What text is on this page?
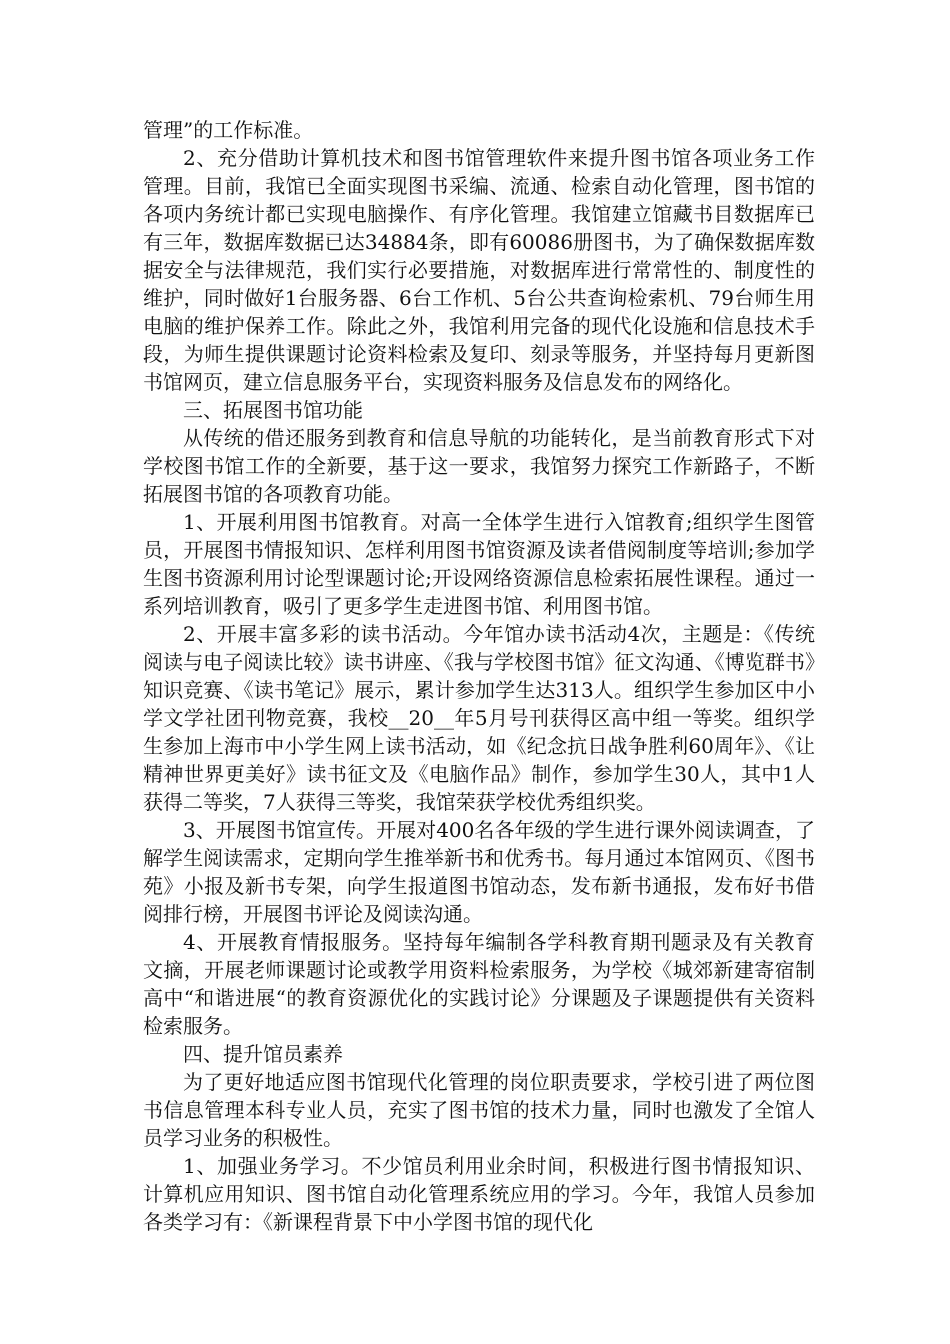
管理”的工作标准。

2、充分借助计算机技术和图书馆管理软件来提升图书馆各项业务工作管理。目前，我馆已全面实现图书采编、流通、检索自动化管理，图书馆的各项内务统计都已实现电脑操作、有序化管理。我馆建立馆藏书目数据库已有三年，数据库数据已达34884条，即有60086册图书，为了确保数据库数据安全与法律规范，我们实行必要措施，对数据库进行常常性的、制度性的维护，同时做好1台服务器、6台工作机、5台公共查询检索机、79台师生用电脑的维护保养工作。除此之外，我馆利用完备的现代化设施和信息技术手段，为师生提供课题讨论资料检索及复印、刻录等服务，并坚持每月更新图书馆网页，建立信息服务平台，实现资料服务及信息发布的网络化。

三、拓展图书馆功能

从传统的借还服务到教育和信息导航的功能转化，是当前教育形式下对学校图书馆工作的全新要，基于这一要求，我馆努力探究工作新路子，不断拓展图书馆的各项教育功能。

1、开展利用图书馆教育。对高一全体学生进行入馆教育;组织学生图管员，开展图书情报知识、怎样利用图书馆资源及读者借阅制度等培训;参加学生图书资源利用讨论型课题讨论;开设网络资源信息检索拓展性课程。通过一系列培训教育，吸引了更多学生走进图书馆、利用图书馆。

2、开展丰富多彩的读书活动。今年馆办读书活动4次，主题是：《传统阅读与电子阅读比较》读书讲座、《我与学校图书馆》征文沟通、《博览群书》知识竞赛、《读书笔记》展示，累计参加学生达313人。组织学生参加区中小学文学社团刊物竞赛，我校__20__年5月号刊获得区高中组一等奖。组织学生参加上海市中小学生网上读书活动，如《纪念抗日战争胜利60周年》、《让精神世界更美好》读书征文及《电脑作品》制作，参加学生30人，其中1人获得二等奖，7人获得三等奖，我馆荣获学校优秀组织奖。

3、开展图书馆宣传。开展对400名各年级的学生进行课外阅读调查，了解学生阅读需求，定期向学生推举新书和优秀书。每月通过本馆网页、《图书苑》小报及新书专架，向学生报道图书馆动态，发布新书通报，发布好书借阅排行榜，开展图书评论及阅读沟通。

4、开展教育情报服务。坚持每年编制各学科教育期刊题录及有关教育文摘，开展老师课题讨论或教学用资料检索服务，为学校《城郊新建寄宿制高中“和谐进展“的教育资源优化的实践讨论》分课题及子课题提供有关资料检索服务。

四、提升馆员素养

为了更好地适应图书馆现代化管理的岗位职责要求，学校引进了两位图书信息管理本科专业人员，充实了图书馆的技术力量，同时也激发了全馆人员学习业务的积极性。

1、加强业务学习。不少馆员利用业余时间，积极进行图书情报知识、计算机应用知识、图书馆自动化管理系统应用的学习。今年，我馆人员参加各类学习有：《新课程背景下中小学图书馆的现代化
